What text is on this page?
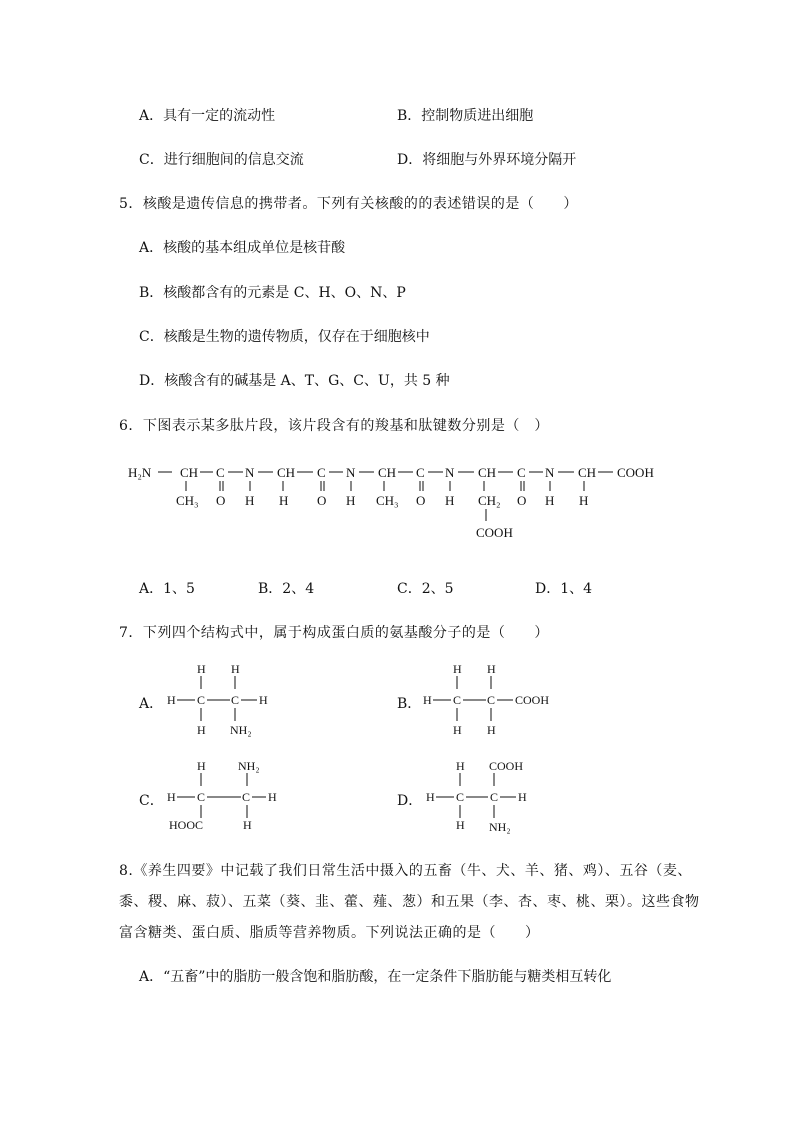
A．具有一定的流动性	B．控制物质进出细胞
C．进行细胞间的信息交流	D．将细胞与外界环境分隔开
5．核酸是遗传信息的携带者。下列有关核酸的的表述错误的是（　　）
A．核酸的基本组成单位是核苷酸
B．核酸都含有的元素是 C、H、O、N、P
C．核酸是生物的遗传物质，仅存在于细胞核中
D．核酸含有的碱基是 A、T、G、C、U，共 5 种
6．下图表示某多肽片段，该片段含有的羧基和肽键数分别是（　）
H₂N CH C N CH C N CH C N CH C N CH COOH
CH₃ O H H O H CH₃ O H CH₂ O H H
COOH
A．1、5	B．2、4	C．2、5	D．1、4
7．下列四个结构式中，属于构成蛋白质的氨基酸分子的是（　　）
A．	B．
C．	D．
H H
H C C H
H NH₂
H H
H C C COOH
H H
H	NH₂
H C	C H
HOOC	H
H COOH
H C C H
H NH₂
8.《养生四要》中记载了我们日常生活中摄入的五畜（牛、犬、羊、猪、鸡）、五谷（麦、
黍、稷、麻、菽）、五菜（葵、韭、藿、薤、葱）和五果（李、杏、枣、桃、栗）。这些食物
富含糖类、蛋白质、脂质等营养物质。下列说法正确的是（　　）
A．“五畜”中的脂肪一般含饱和脂肪酸，在一定条件下脂肪能与糖类相互转化
